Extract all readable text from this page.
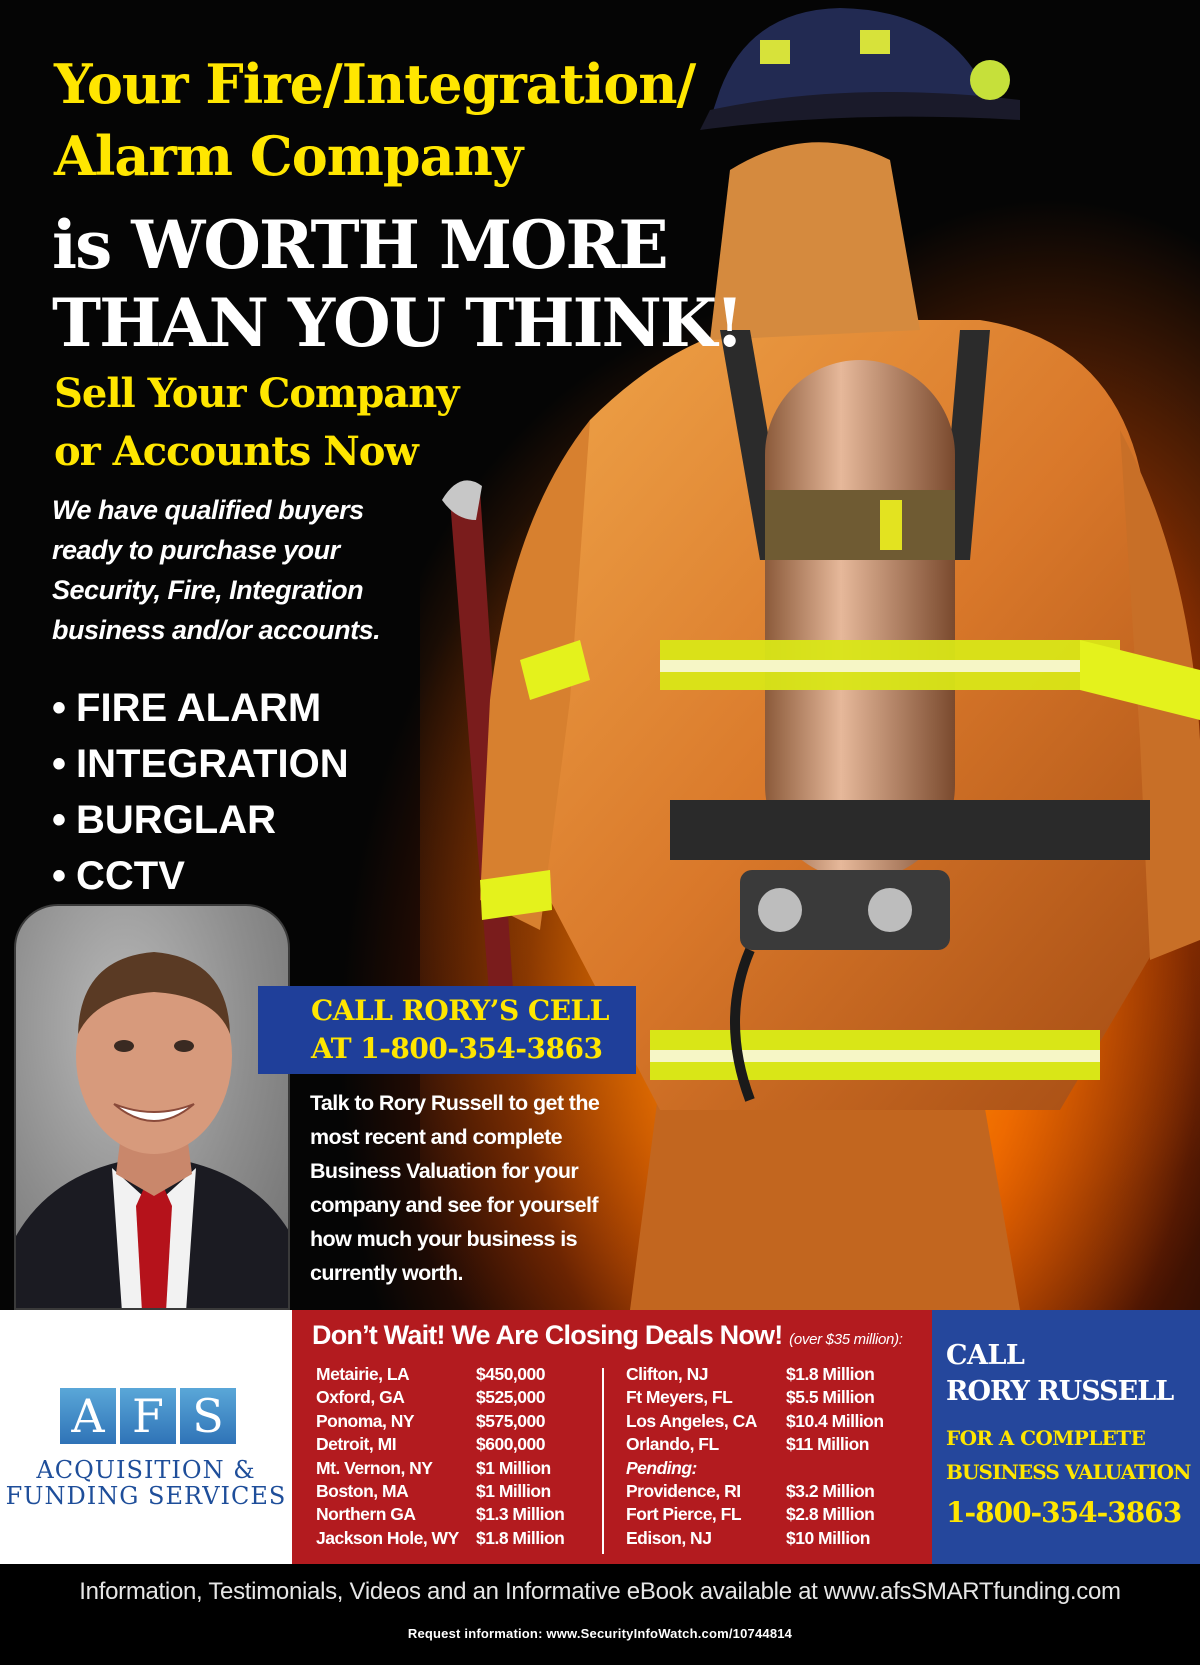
Your Fire/Integration/
Alarm Company
is WORTH MORE
THAN YOU THINK!
Sell Your Company
or Accounts Now
We have qualified buyers ready to purchase your Security, Fire, Integration business and/or accounts.
• FIRE ALARM
• INTEGRATION
• BURGLAR
• CCTV
CALL RORY’S CELL
AT 1-800-354-3863
Talk to Rory Russell to get the most recent and complete Business Valuation for your company and see for yourself how much your business is currently worth.
A F S
ACQUISITION &
FUNDING SERVICES
Don’t Wait! We Are Closing Deals Now! (over $35 million):
Metairie, LA	$450,000
Oxford, GA	$525,000
Ponoma, NY	$575,000
Detroit, MI	$600,000
Mt. Vernon, NY	$1 Million
Boston, MA	$1 Million
Northern GA	$1.3 Million
Jackson Hole, WY $1.8 Million
Clifton, NJ	$1.8 Million
Ft Meyers, FL	$5.5 Million
Los Angeles, CA	$10.4 Million
Orlando, FL	$11 Million
Pending:
Providence, RI	$3.2 Million
Fort Pierce, FL	$2.8 Million
Edison, NJ	$10 Million
CALL
RORY RUSSELL
FOR A COMPLETE
BUSINESS VALUATION
1-800-354-3863
Information, Testimonials, Videos and an Informative eBook available at www.afsSMARTfunding.com
Request information: www.SecurityInfoWatch.com/10744814
